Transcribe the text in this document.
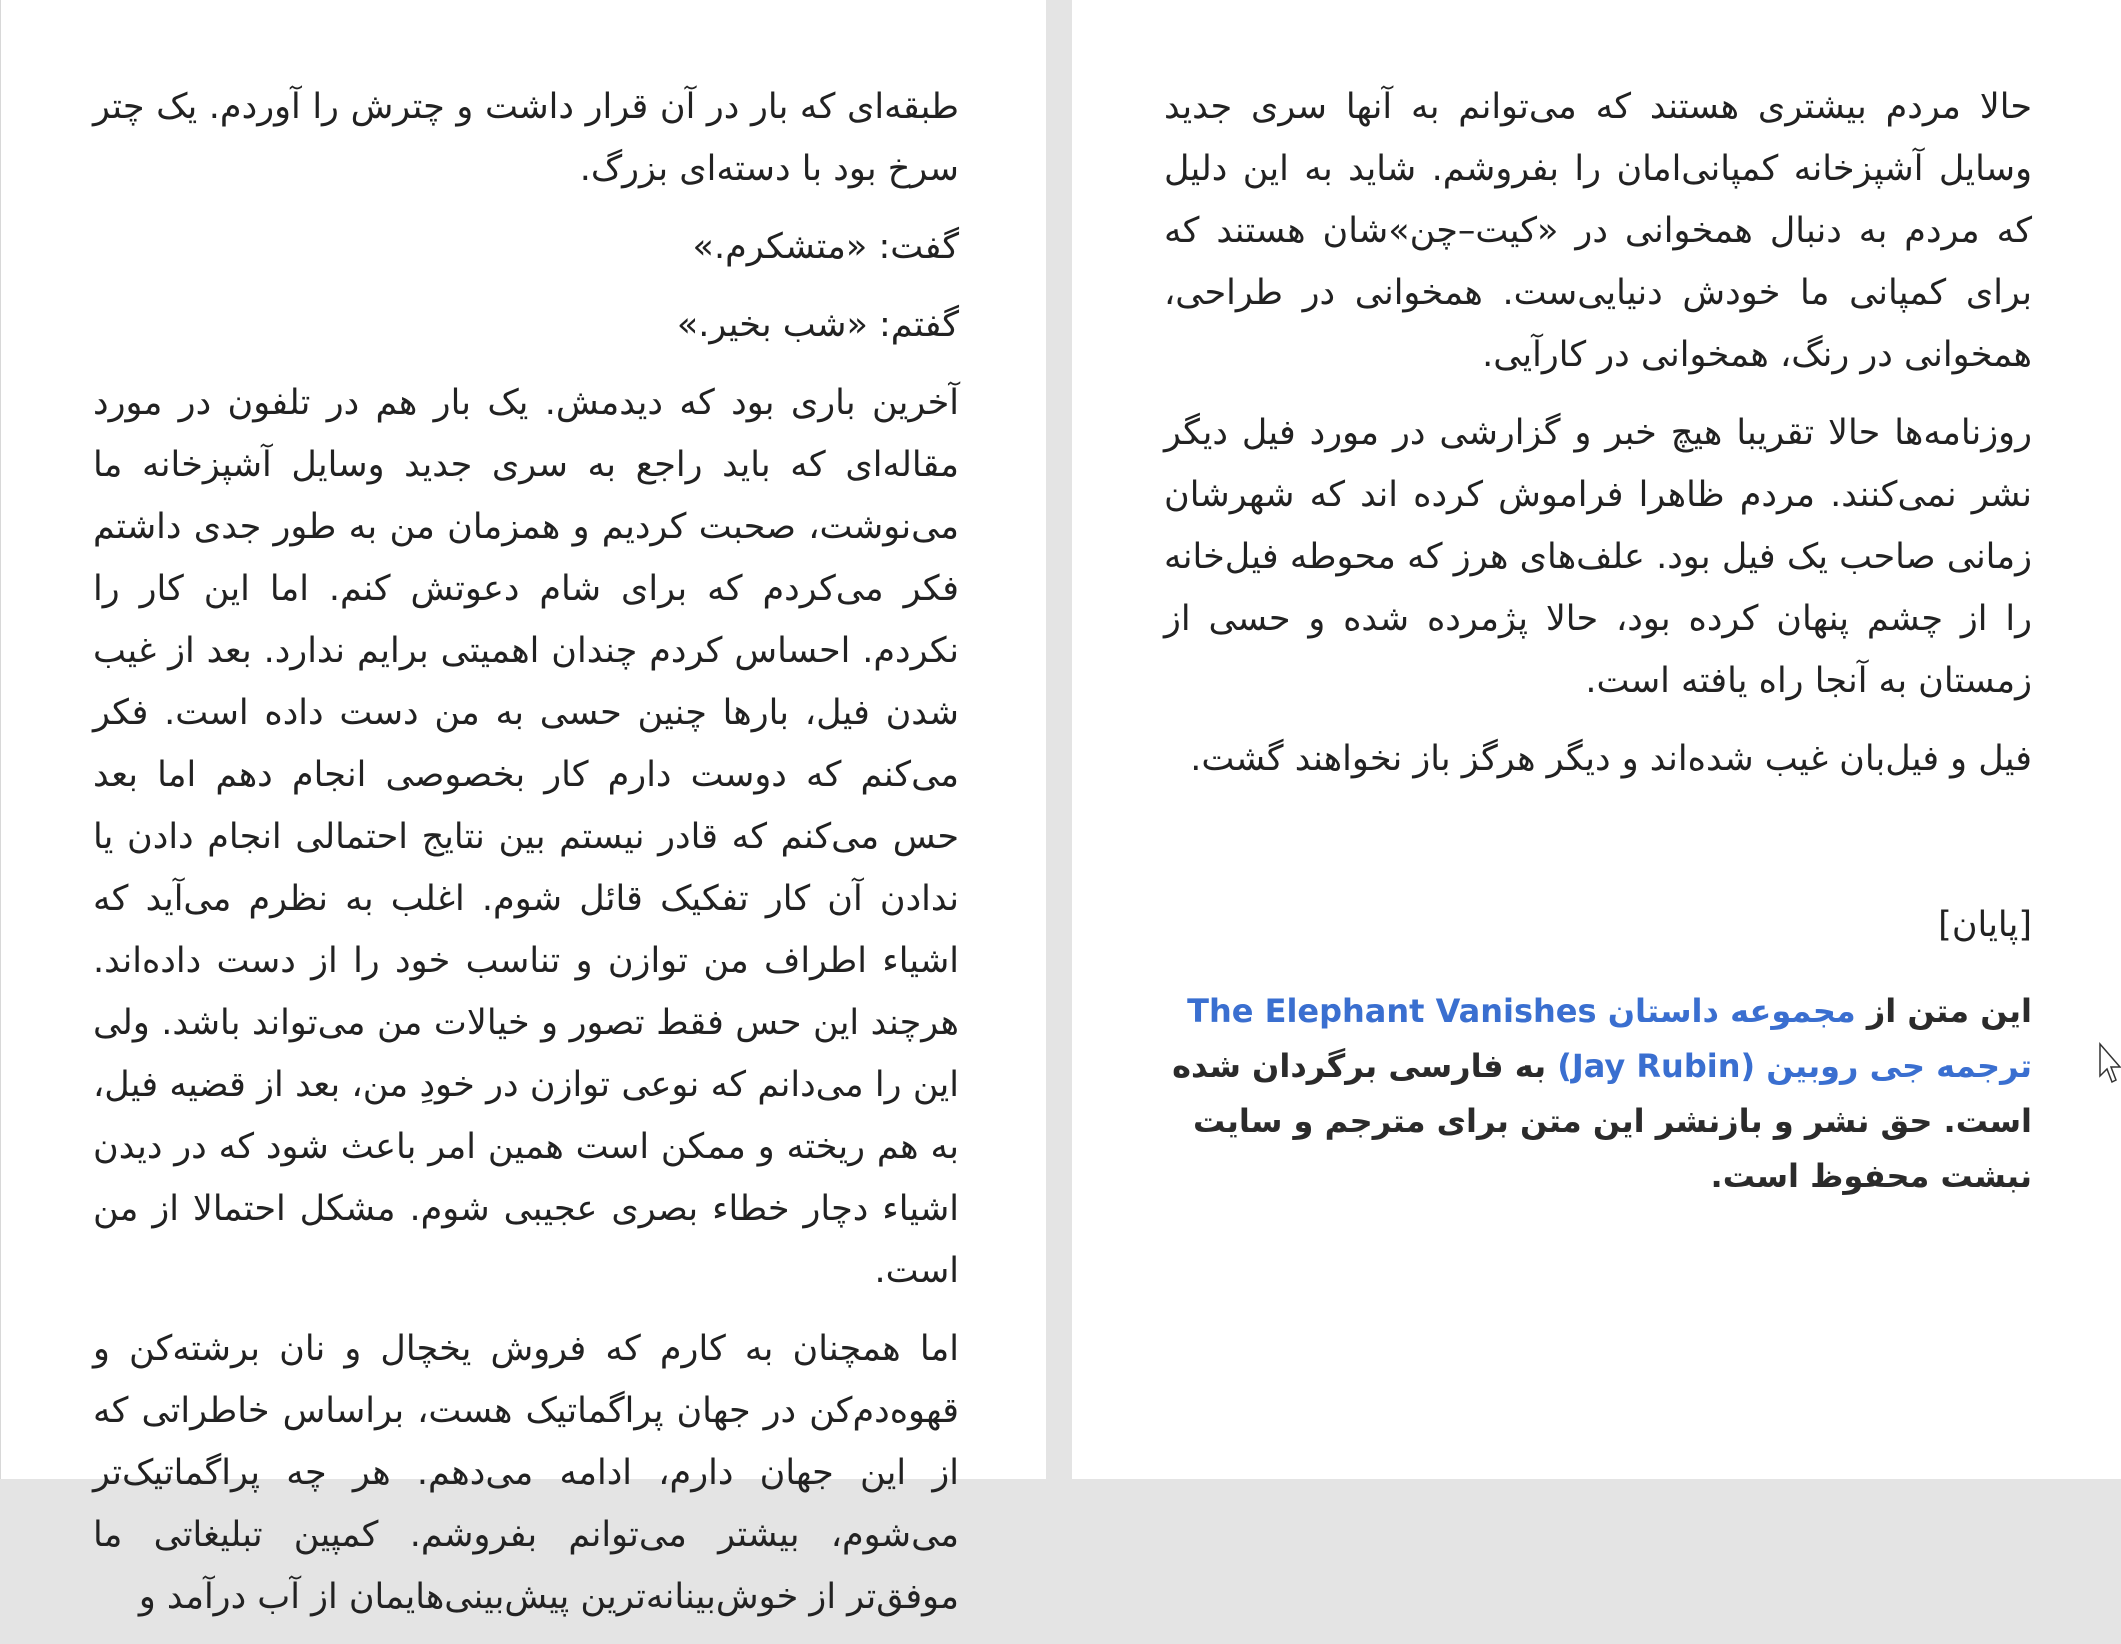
طبقه‌ای که بار در آن قرار داشت و چترش را آوردم. یک چتر سرخ بود با دسته‌ای بزرگ.

گفت: «متشکرم.»

گفتم: «شب بخیر.»

آخرین باری بود که دیدمش. یک بار هم در تلفون در مورد مقاله‌ای که باید راجع به سری جدید وسایل آشپزخانه ما می‌نوشت، صحبت کردیم و همزمان من به طور جدی داشتم فکر می‌کردم که برای شام دعوتش کنم. اما این کار را نکردم. احساس کردم چندان اهمیتی برایم ندارد. بعد از غیب شدن فیل، بارها چنین حسی به من دست داده است. فکر می‌کنم که دوست دارم کار بخصوصی انجام دهم اما بعد حس می‌کنم که قادر نیستم بین نتایج احتمالی انجام دادن یا ندادن آن کار تفکیک قائل شوم. اغلب به نظرم می‌آید که اشیاء اطراف من توازن و تناسب خود را از دست داده‌اند. هرچند این حس فقط تصور و خیالات من می‌تواند باشد. ولی این را می‌دانم که نوعی توازن در خودِ من، بعد از قضیه فیل، به هم ریخته و ممکن است همین امر باعث شود که در دیدن اشیاء دچار خطاء بصری عجیبی شوم. مشکل احتمالا از من است.

اما همچنان به کارم که فروش یخچال و نان برشته‌کن و قهوه‌دم‌کن در جهان پراگماتیک هست، براساس خاطراتی که از این جهان دارم، ادامه می‌دهم. هر چه پراگماتیک‌تر می‌شوم، بیشتر می‌توانم بفروشم. کمپین تبلیغاتی ما موفق‌تر از خوش‌بینانه‌ترین پیش‌بینی‌هایمان از آب درآمد و

حالا مردم بیشتری هستند که می‌توانم به آنها سری جدید وسایل آشپزخانه کمپانی‌امان را بفروشم. شاید به این دلیل که مردم به دنبال همخوانی در «کیت–چن»شان هستند که برای کمپانی ما خودش دنیایی‌ست. همخوانی در طراحی، همخوانی در رنگ، همخوانی در کارآیی.

روزنامه‌ها حالا تقریبا هیچ خبر و گزارشی در مورد فیل دیگر نشر نمی‌کنند. مردم ظاهرا فراموش کرده اند که شهرشان زمانی صاحب یک فیل بود. علف‌های هرز که محوطه فیل‌خانه را از چشم پنهان کرده بود، حالا پژمرده شده و حسی از زمستان به آنجا راه یافته است.

فیل و فیل‌بان غیب شده‌اند و دیگر هرگز باز نخواهند گشت.

[پایان]

این متن از مجموعه داستان The Elephant Vanishes ترجمه جی روبین (Jay Rubin) به فارسی برگردان شده است. حق نشر و بازنشر این متن برای مترجم و سایت نبشت محفوظ است.
